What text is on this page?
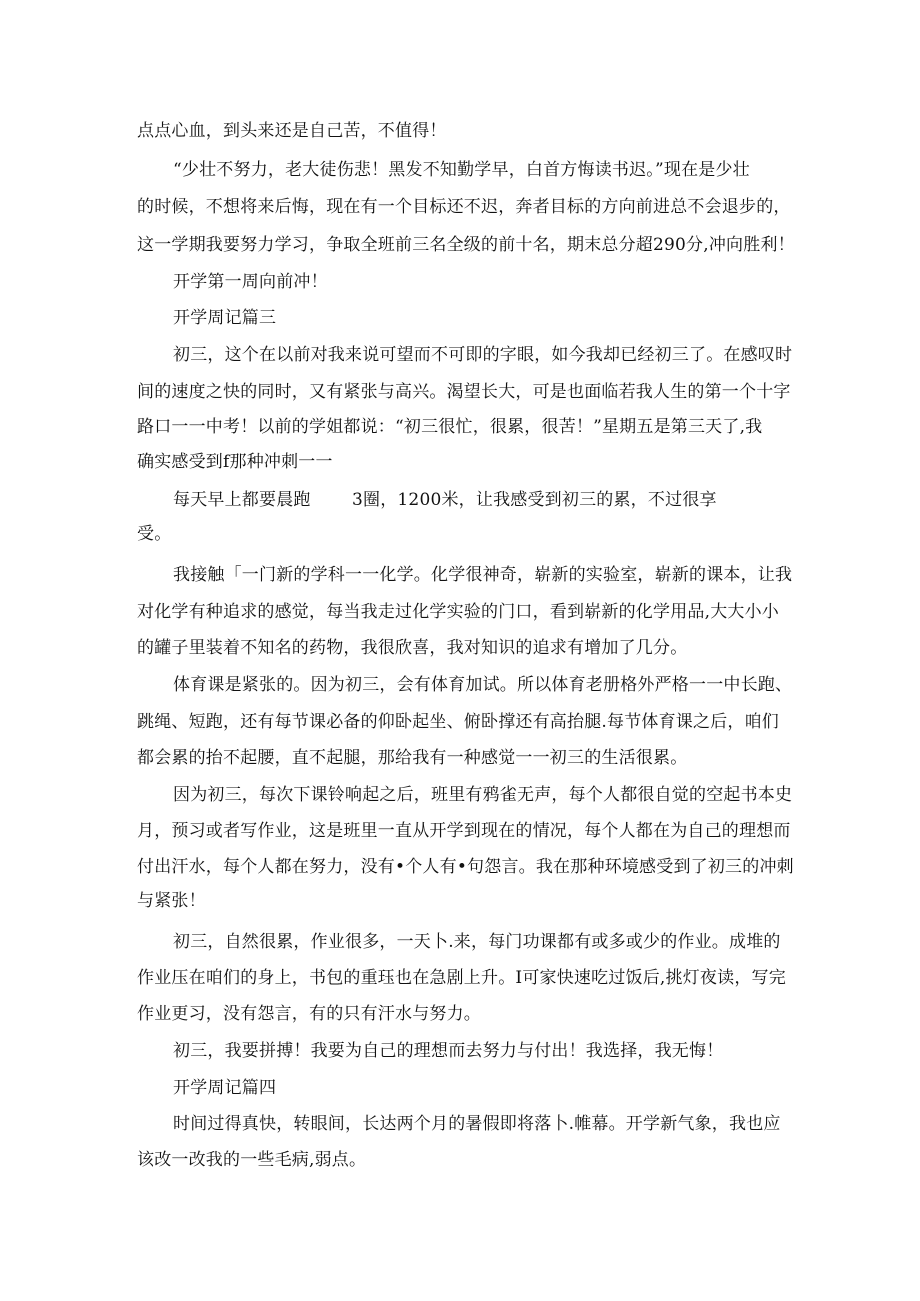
点点心血，到头来还是自己苦，不值得！

“少壮不努力，老大徒伤悲！黑发不知勤学早，白首方悔读书迟。”现在是少壮

的时候，不想将来后悔，现在有一个目标还不迟，奔者目标的方向前进总不会退步的，

这一学期我要努力学习，争取全班前三名全级的前十名，期末总分超290分,冲向胜利！

开学第一周向前冲！

开学周记篇三

初三，这个在以前对我来说可望而不可即的字眼，如今我却已经初三了。在感叹时

间的速度之快的同时，又有紧张与高兴。渴望长大，可是也面临若我人生的第一个十字

路口一一中考！以前的学姐都说：“初三很忙，很累，很苦！”星期五是第三天了,我

确实感受到f那种冲刺一一

每天早上都要晨跑 3圈，1200米，让我感受到初三的累，不过很享

受。

我接触「一门新的学科一一化学。化学很神奇，崭新的实验室，崭新的课本，让我

对化学有种追求的感觉，每当我走过化学实验的门口，看到崭新的化学用品,大大小小

的罐子里装着不知名的药物，我很欣喜，我对知识的追求有增加了几分。

体育课是紧张的。因为初三，会有体育加试。所以体育老册格外严格一一中长跑、

跳绳、短跑，还有每节课必备的仰卧起坐、俯卧撑还有高抬腿.每节体育课之后，咱们

都会累的抬不起腰，直不起腿，那给我有一种感觉一一初三的生活很累。

因为初三，每次下课铃响起之后，班里有鸦雀无声，每个人都很自觉的空起书本史

月，预习或者写作业，这是班里一直从开学到现在的情况，每个人都在为自己的理想而

付出汗水，每个人都在努力，没有•个人有•句怨言。我在那种环境感受到了初三的冲刺

与紧张！

初三，自然很累，作业很多，一天卜.来，每门功课都有或多或少的作业。成堆的

作业压在咱们的身上，书包的重珏也在急剧上升。I可家快速吃过饭后,挑灯夜读，写完

作业更习，没有怨言，有的只有汗水与努力。

初三，我要拼搏！我要为自己的理想而去努力与付出！我选择，我无悔！

开学周记篇四

时间过得真快，转眼间，长达两个月的暑假即将落卜.帷幕。开学新气象，我也应

该改一改我的一些毛病,弱点。
